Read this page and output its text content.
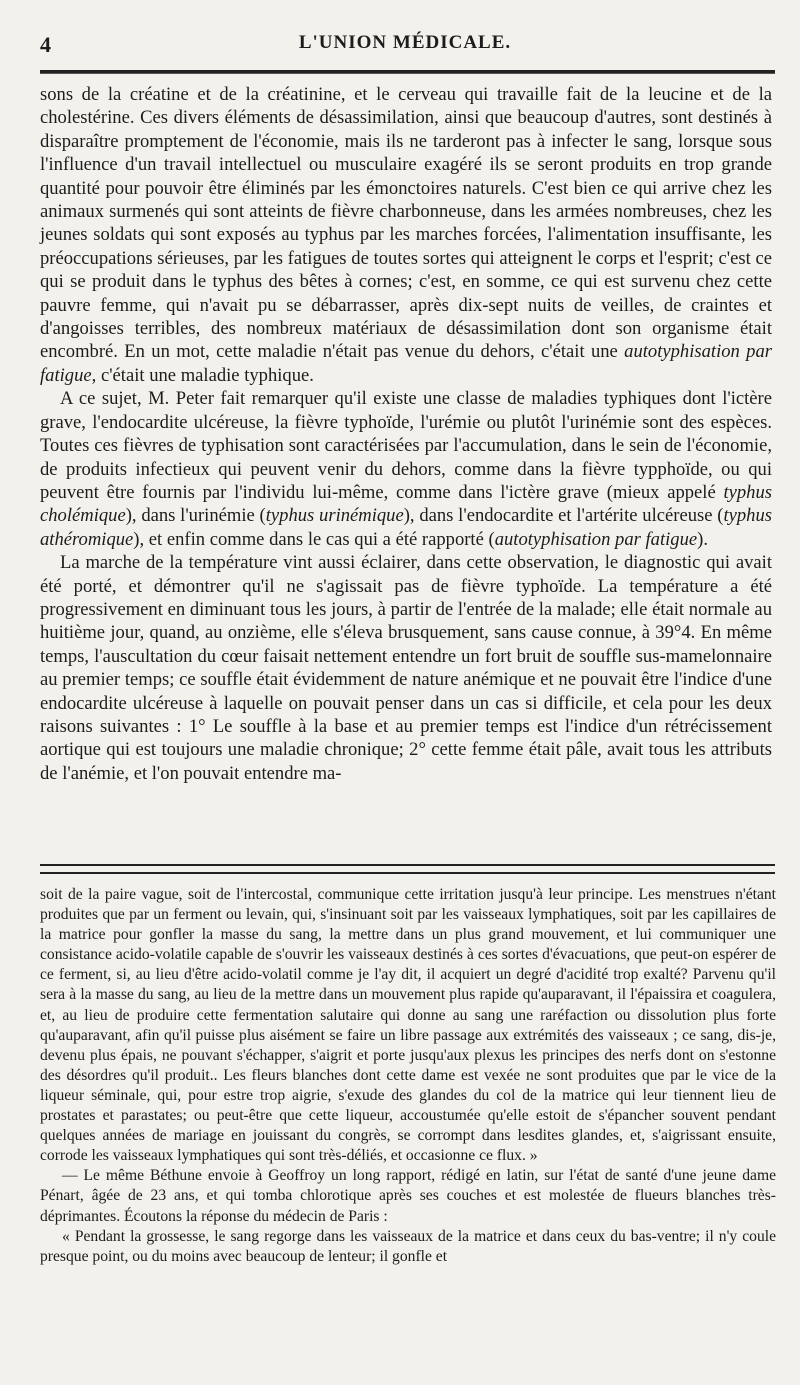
4	L'UNION MÉDICALE.

sons de la créatine et de la créatinine, et le cerveau qui travaille fait de la leucine et de la cholestérine. Ces divers éléments de désassimilation, ainsi que beaucoup d'autres, sont destinés à disparaître promptement de l'économie, mais ils ne tarderont pas à infecter le sang, lorsque sous l'influence d'un travail intellectuel ou musculaire exagéré ils se seront produits en trop grande quantité pour pouvoir être éliminés par les émonctoires naturels. C'est bien ce qui arrive chez les animaux surmenés qui sont atteints de fièvre charbonneuse, dans les armées nombreuses, chez les jeunes soldats qui sont exposés au typhus par les marches forcées, l'alimentation insuffisante, les préoccupations sérieuses, par les fatigues de toutes sortes qui atteignent le corps et l'esprit; c'est ce qui se produit dans le typhus des bêtes à cornes; c'est, en somme, ce qui est survenu chez cette pauvre femme, qui n'avait pu se débarrasser, après dix-sept nuits de veilles, de craintes et d'angoisses terribles, des nombreux matériaux de désassimilation dont son organisme était encombré. En un mot, cette maladie n'était pas venue du dehors, c'était une autotyphisation par fatigue, c'était une maladie typhique.

A ce sujet, M. Peter fait remarquer qu'il existe une classe de maladies typhiques dont l'ictère grave, l'endocardite ulcéreuse, la fièvre typhoïde, l'urémie ou plutôt l'urinémie sont des espèces. Toutes ces fièvres de typhisation sont caractérisées par l'accumulation, dans le sein de l'économie, de produits infectieux qui peuvent venir du dehors, comme dans la fièvre typphoïde, ou qui peuvent être fournis par l'individu lui-même, comme dans l'ictère grave (mieux appelé typhus cholémique), dans l'urinémie (typhus urinémique), dans l'endocardite et l'artérite ulcéreuse (typhus athéromique), et enfin comme dans le cas qui a été rapporté (autotyphisation par fatigue).

La marche de la température vint aussi éclairer, dans cette observation, le diagnostic qui avait été porté, et démontrer qu'il ne s'agissait pas de fièvre typhoïde. La température a été progressivement en diminuant tous les jours, à partir de l'entrée de la malade; elle était normale au huitième jour, quand, au onzième, elle s'éleva brusquement, sans cause connue, à 39°4. En même temps, l'auscultation du cœur faisait nettement entendre un fort bruit de souffle sus-mamelonnaire au premier temps; ce souffle était évidemment de nature anémique et ne pouvait être l'indice d'une endocardite ulcéreuse à laquelle on pouvait penser dans un cas si difficile, et cela pour les deux raisons suivantes : 1° Le souffle à la base et au premier temps est l'indice d'un rétrécissement aortique qui est toujours une maladie chronique; 2° cette femme était pâle, avait tous les attributs de l'anémie, et l'on pouvait entendre ma-

soit de la paire vague, soit de l'intercostal, communique cette irritation jusqu'à leur principe. Les menstrues n'étant produites que par un ferment ou levain, qui, s'insinuant soit par les vaisseaux lymphatiques, soit par les capillaires de la matrice pour gonfler la masse du sang, la mettre dans un plus grand mouvement, et lui communiquer une consistance acido-volatile capable de s'ouvrir les vaisseaux destinés à ces sortes d'évacuations, que peut-on espérer de ce ferment, si, au lieu d'être acido-volatil comme je l'ay dit, il acquiert un degré d'acidité trop exalté? Parvenu qu'il sera à la masse du sang, au lieu de la mettre dans un mouvement plus rapide qu'auparavant, il l'épaissira et coagulera, et, au lieu de produire cette fermentation salutaire qui donne au sang une raréfaction ou dissolution plus forte qu'auparavant, afin qu'il puisse plus aisément se faire un libre passage aux extrémités des vaisseaux ; ce sang, dis-je, devenu plus épais, ne pouvant s'échapper, s'aigrit et porte jusqu'aux plexus les principes des nerfs dont on s'estonne des désordres qu'il produit.. Les fleurs blanches dont cette dame est vexée ne sont produites que par le vice de la liqueur séminale, qui, pour estre trop aigrie, s'exude des glandes du col de la matrice qui leur tiennent lieu de prostates et parastates; ou peut-être que cette liqueur, accoustumée qu'elle estoit de s'épancher souvent pendant quelques années de mariage en jouissant du congrès, se corrompt dans lesdites glandes, et, s'aigrissant ensuite, corrode les vaisseaux lymphatiques qui sont très-déliés, et occasionne ce flux. »

— Le même Béthune envoie à Geoffroy un long rapport, rédigé en latin, sur l'état de santé d'une jeune dame Pénart, âgée de 23 ans, et qui tomba chlorotique après ses couches et est molestée de flueurs blanches très-déprimantes. Écoutons la réponse du médecin de Paris :

« Pendant la grossesse, le sang regorge dans les vaisseaux de la matrice et dans ceux du bas-ventre; il n'y coule presque point, ou du moins avec beaucoup de lenteur; il gonfle et
